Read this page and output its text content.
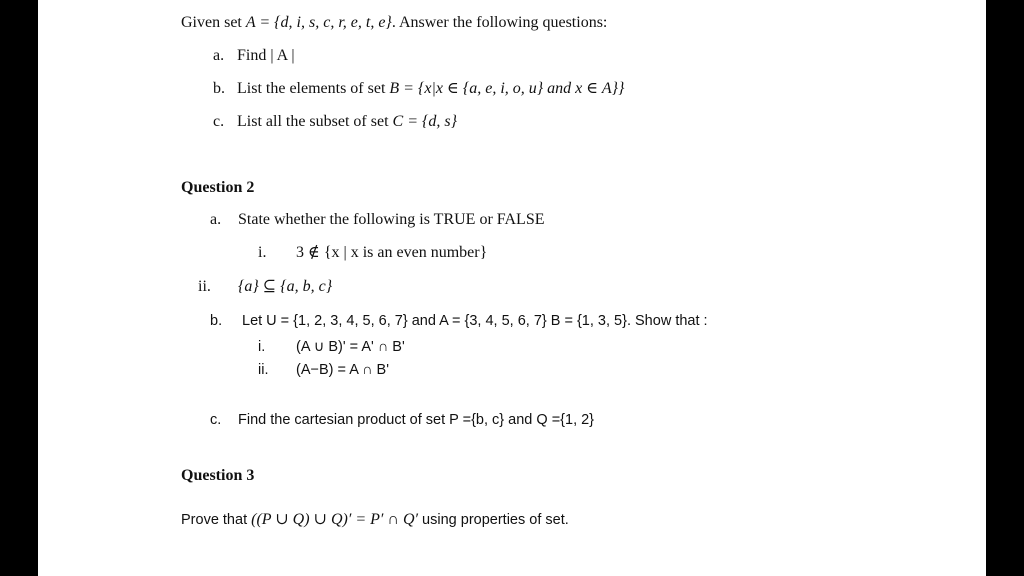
Given set A = {d, i, s, c, r, e, t, e}. Answer the following questions:
a. Find | A |
b. List the elements of set B = {x|x ∈ {a, e, i, o, u} and x ∈ A}}
c. List all the subset of set C = {d, s}
Question 2
a. State whether the following is TRUE or FALSE
i. 3 ∉ {x | x is an even number}
ii. {a} ⊆ {a, b, c}
b. Let U = {1, 2, 3, 4, 5, 6, 7} and A = {3, 4, 5, 6, 7} B = {1, 3, 5}. Show that :
i. (A ∪ B)' = A' ∩ B'
ii. (A−B) = A ∩ B'
c. Find the cartesian product of set P ={b, c} and Q ={1, 2}
Question 3
Prove that ((P ∪ Q) ∪ Q)′ = P′ ∩ Q′ using properties of set.
